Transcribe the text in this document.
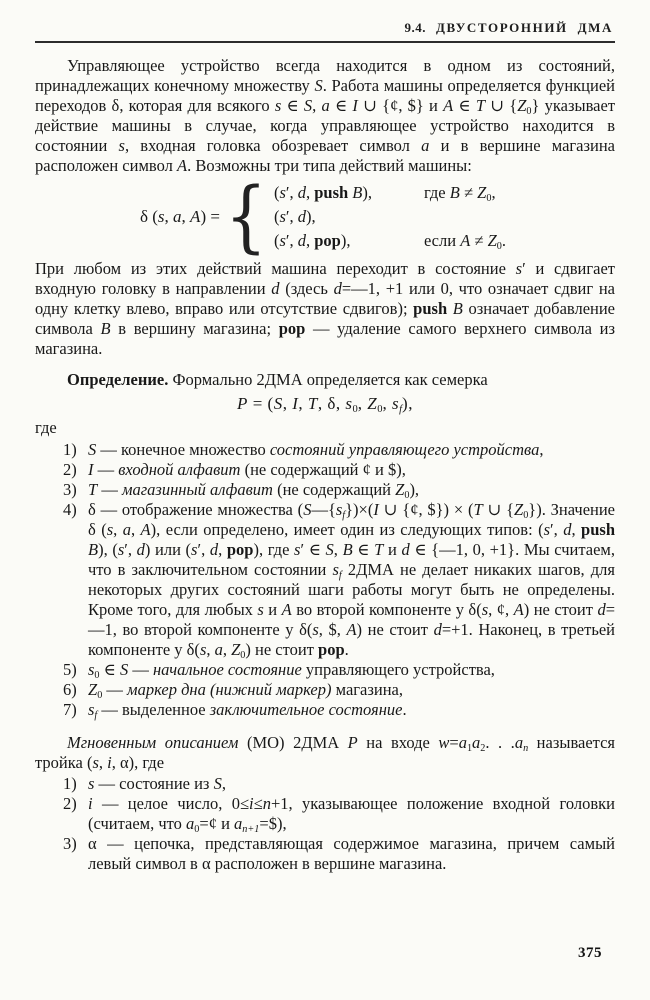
9.4. ДВУСТОРОННИЙ ДМА

Управляющее устройство всегда находится в одном из состояний, принадлежащих конечному множеству S. Работа машины определяется функцией переходов δ, которая для всякого s ∈ S, a ∈ I ∪ {¢, $} и A ∈ T ∪ {Z0} указывает действие машины в случае, когда управляющее устройство находится в состоянии s, входная головка обозревает символ a и в вершине магазина расположен символ A. Возможны три типа действий машины:

δ (s, a, A) = { (s′, d, push B),	где B ≠ Z0,
(s′, d),
(s′, d, pop),	если A ≠ Z0.

При любом из этих действий машина переходит в состояние s′ и сдвигает входную головку в направлении d (здесь d=—1, +1 или 0, что означает сдвиг на одну клетку влево, вправо или отсутствие сдвигов); push B означает добавление символа B в вершину магазина; pop — удаление самого верхнего символа из магазина.

Определение. Формально 2ДМА определяется как семерка

P = (S, I, T, δ, s0, Z0, sf),

где

1) S — конечное множество состояний управляющего устройства,
2) I — входной алфавит (не содержащий ¢ и $),
3) T — магазинный алфавит (не содержащий Z0),
4) δ — отображение множества (S—{sf})×(I ∪ {¢, $}) × (T ∪ {Z0}). Значение δ (s, a, A), если определено, имеет один из следующих типов: (s′, d, push B), (s′, d) или (s′, d, pop), где s′ ∈ S, B ∈ T и d ∈ {—1, 0, +1}. Мы считаем, что в заключительном состоянии sf 2ДМА не делает никаких шагов, для некоторых других состояний шаги работы могут быть не определены. Кроме того, для любых s и A во второй компоненте у δ(s, ¢, A) не стоит d=—1, во второй компоненте у δ(s, $, A) не стоит d=+1. Наконец, в третьей компоненте у δ(s, a, Z0) не стоит pop.
5) s0 ∈ S — начальное состояние управляющего устройства,
6) Z0 — маркер дна (нижний маркер) магазина,
7) sf — выделенное заключительное состояние.

Мгновенным описанием (МО) 2ДМА P на входе w=a1a2. . .an называется тройка (s, i, α), где

1) s — состояние из S,
2) i — целое число, 0≤i≤n+1, указывающее положение входной головки (считаем, что a0=¢ и an+1=$),
3) α — цепочка, представляющая содержимое магазина, причем самый левый символ в α расположен в вершине магазина.
375
